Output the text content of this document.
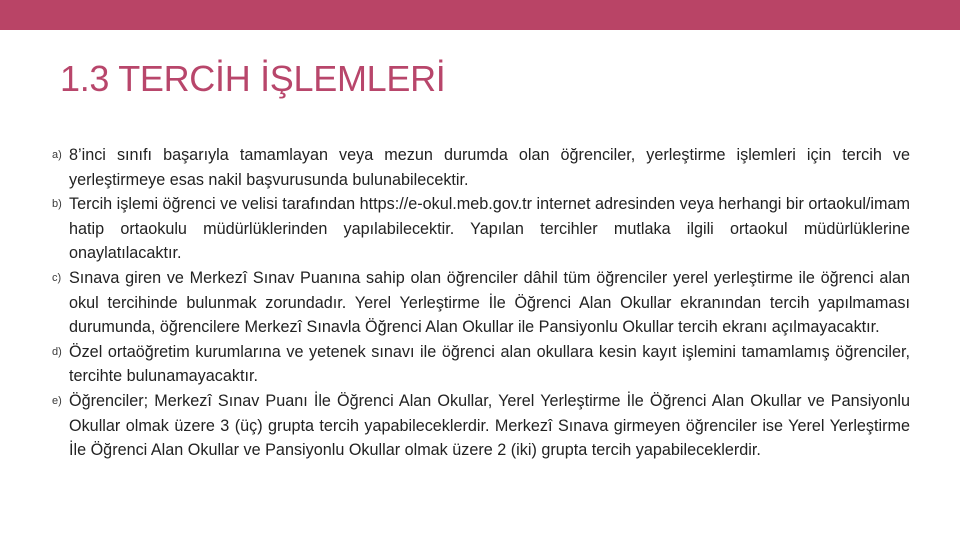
1.3 TERCİH İŞLEMLERİ
a) 8’inci sınıfı başarıyla tamamlayan veya mezun durumda olan öğrenciler, yerleştirme işlemleri için tercih ve yerleştirmeye esas nakil başvurusunda bulunabilecektir.
b) Tercih işlemi öğrenci ve velisi tarafından https://e-okul.meb.gov.tr internet adresinden veya herhangi bir ortaokul/imam hatip ortaokulu müdürlüklerinden yapılabilecektir. Yapılan tercihler mutlaka ilgili ortaokul müdürlüklerine onaylatılacaktır.
c) Sınava giren ve Merkezî Sınav Puanına sahip olan öğrenciler dâhil tüm öğrenciler yerel yerleştirme ile öğrenci alan okul tercihinde bulunmak zorundadır. Yerel Yerleştirme İle Öğrenci Alan Okullar ekranından tercih yapılmaması durumunda, öğrencilere Merkezî Sınavla Öğrenci Alan Okullar ile Pansiyonlu Okullar tercih ekranı açılmayacaktır.
d) Özel ortaöğretim kurumlarına ve yetenek sınavı ile öğrenci alan okullara kesin kayıt işlemini tamamlamış öğrenciler, tercihte bulunamayacaktır.
e) Öğrenciler; Merkezî Sınav Puanı İle Öğrenci Alan Okullar, Yerel Yerleştirme İle Öğrenci Alan Okullar ve Pansiyonlu Okullar olmak üzere 3 (üç) grupta tercih yapabileceklerdir. Merkezî Sınava girmeyen öğrenciler ise Yerel Yerleştirme İle Öğrenci Alan Okullar ve Pansiyonlu Okullar olmak üzere 2 (iki) grupta tercih yapabileceklerdir.
